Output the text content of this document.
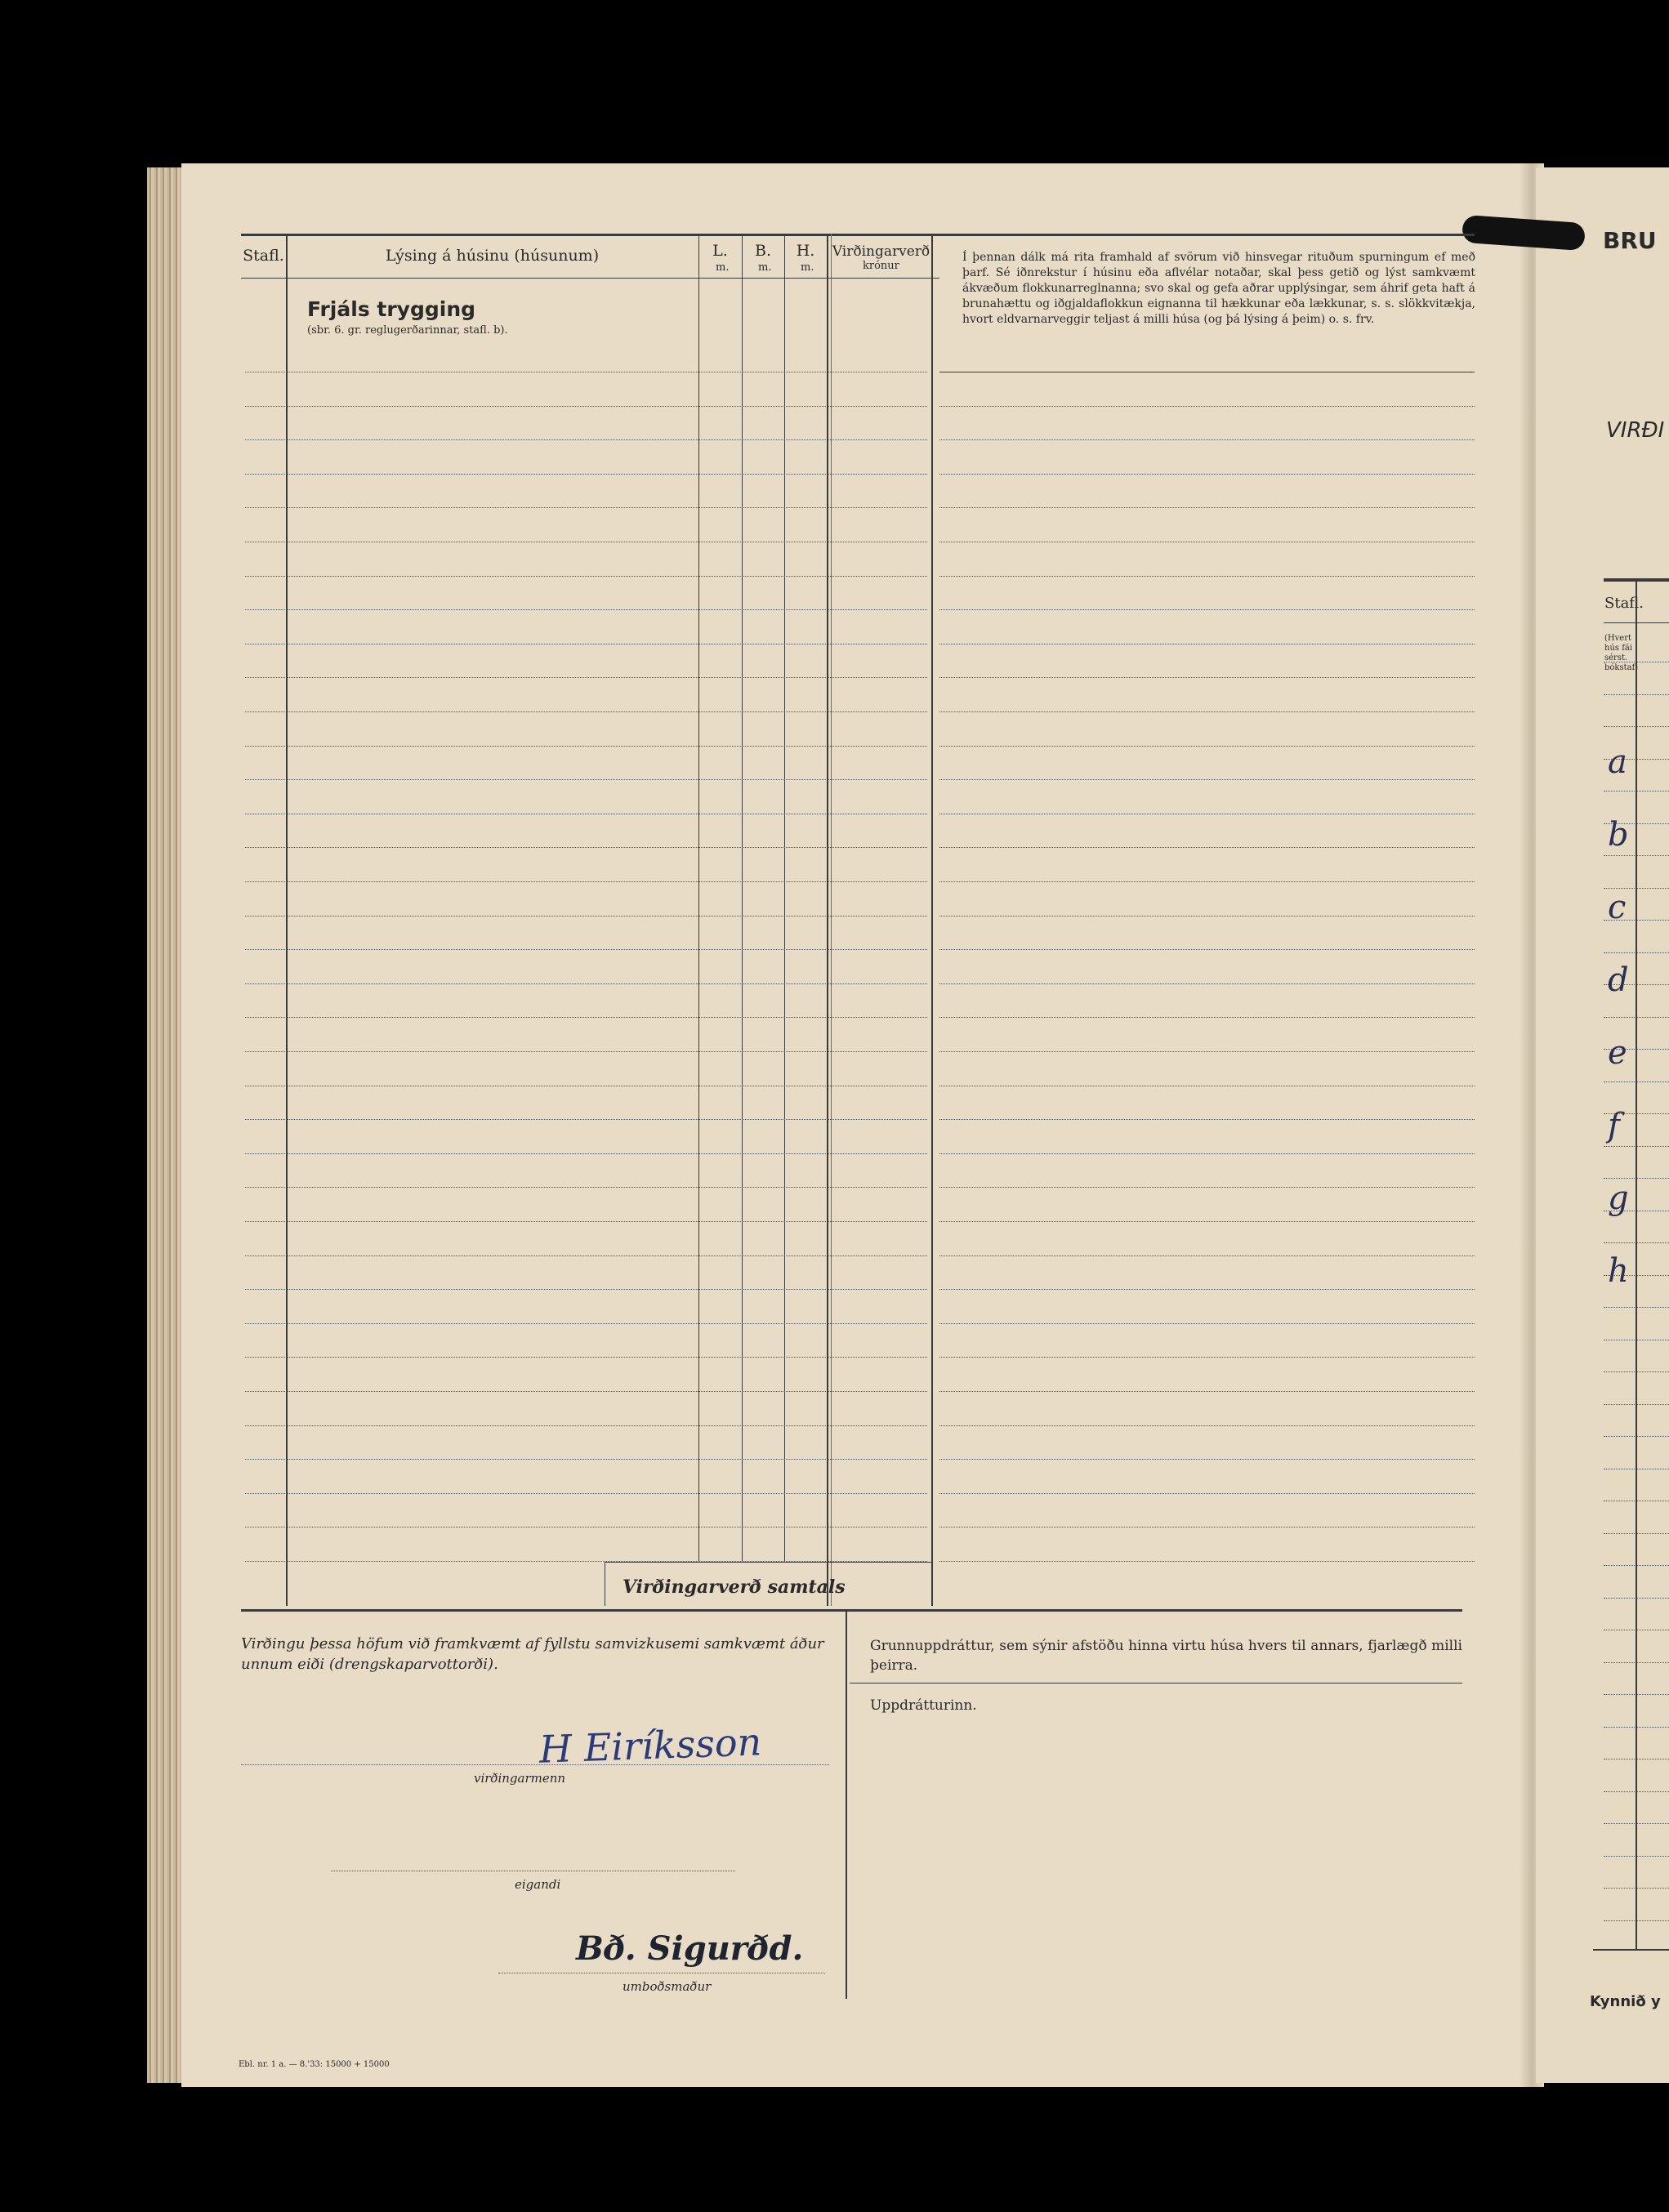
Stafl.	Lýsing á húsinu (húsunum)	L.
m.
B.
m.
H.
m.
Virðingarverð
krónur
Frjáls trygging
(sbr. 6. gr. reglugerðarinnar, stafl. b).
Í þennan dálk má rita framhald af svörum við hinsvegar rituðum spurningum ef með þarf. Sé iðnrekstur í húsinu eða aflvélar notaðar, skal þess getið og lýst samkvæmt ákvæðum flokkunarreglnanna; svo skal og gefa aðrar upplýsingar, sem áhrif geta haft á brunahættu og iðgjaldaflokkun eignanna til hækkunar eða lækkunar, s. s. slökkvitækja, hvort eldvarnarveggir teljast á milli húsa (og þá lýsing á þeim) o. s. frv.
Virðingarverð samtals
Virðingu þessa höfum við framkvæmt af fyllstu samvizkusemi samkvæmt áður unnum eiði (drengskaparvottorði).
H Eiríksson
virðingarmenn
eigandi
Bð. Sigurðd.
umboðsmaður
Grunnuppdráttur, sem sýnir afstöðu hinna virtu húsa hvers til annars, fjarlægð milli þeirra.
Uppdrátturinn.
Ebl. nr. 1 a. — 8.'33: 15000 + 15000
BRU
VIRÐI
Stafl.
(Hvert hús fái sérst. bókstaf)
a
b
c
d
e
f
g
h
Kynnið y
